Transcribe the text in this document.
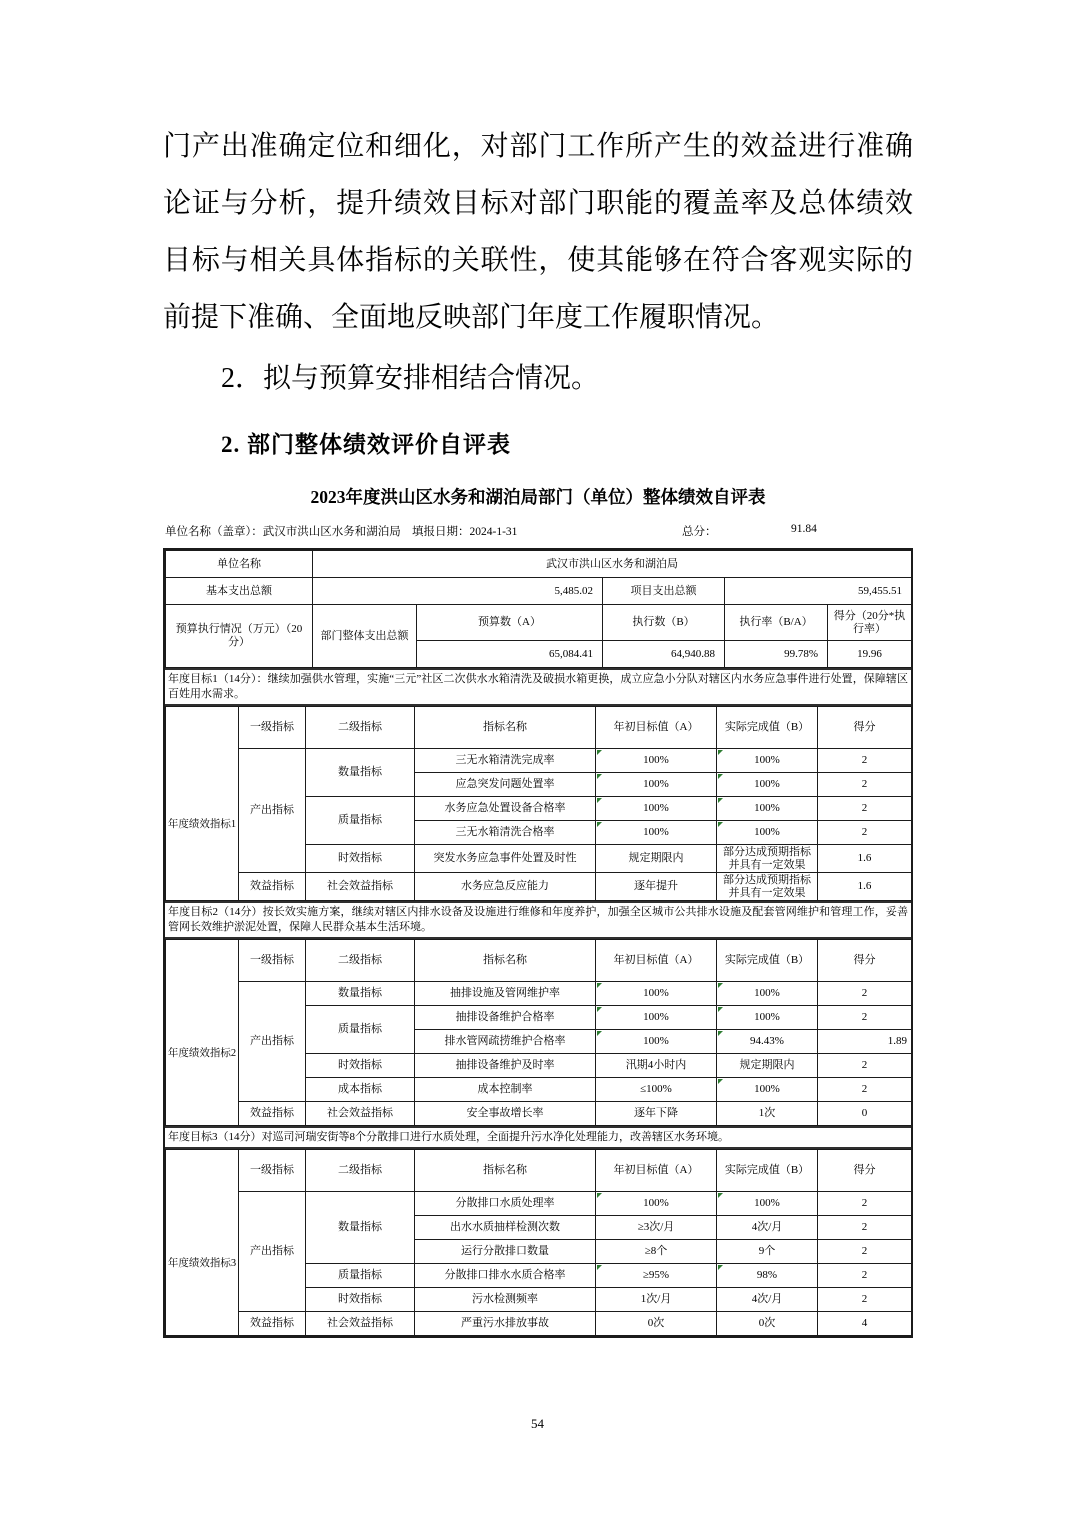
门产出准确定位和细化，对部门工作所产生的效益进行准确论证与分析，提升绩效目标对部门职能的覆盖率及总体绩效目标与相关具体指标的关联性，使其能够在符合客观实际的前提下准确、全面地反映部门年度工作履职情况。

2．拟与预算安排相结合情况。

2. 部门整体绩效评价自评表
2023年度洪山区水务和湖泊局部门（单位）整体绩效自评表
单位名称（盖章）：武汉市洪山区水务和湖泊局 填报日期：2024-1-31	总分：	91.84
单位名称	武汉市洪山区水务和湖泊局				
基本支出总额	5,485.02		项目支出总额	59,455.51	
预算执行情况（万元）（20分）	部门整体支出总额	预算数（A）	执行数（B）	执行率（B/A）	得分（20分*执行率）
		65,084.41	64,940.88	99.78%	19.96
年度目标1（14分）：继续加强供水管理，实施“三元”社区二次供水水箱清洗及破损水箱更换，成立应急小分队对辖区内水务应急事件进行处置，保障辖区百姓用水需求。
	一级指标	二级指标	指标名称	年初目标值（A）	实际完成值（B）	得分
年度绩效指标1	产出指标	数量指标	三无水箱清洗完成率	100%	100%	2
			应急突发问题处置率	100%	100%	2
		质量指标	水务应急处置设备合格率	100%	100%	2
			三无水箱清洗合格率	100%	100%	2
		时效指标	突发水务应急事件处置及时性	规定期限内	部分达成预期指标并具有一定效果	1.6
	效益指标	社会效益指标	水务应急反应能力	逐年提升	部分达成预期指标并具有一定效果	1.6
年度目标2（14分）按长效实施方案，继续对辖区内排水设备及设施进行维修和年度养护，加强全区城市公共排水设施及配套管网维护和管理工作，妥善管网长效维护淤泥处置，保障人民群众基本生活环境。
	一级指标	二级指标	指标名称	年初目标值（A）	实际完成值（B）	得分
年度绩效指标2	产出指标	数量指标	抽排设施及管网维护率	100%	100%	2
		质量指标	抽排设备维护合格率	100%	100%	2
			排水管网疏捞维护合格率	100%	94.43%	1.89
		时效指标	抽排设备维护及时率	汛期4小时内	规定期限内	2
		成本指标	成本控制率	≤100%	100%	2
	效益指标	社会效益指标	安全事故增长率	逐年下降	1次	0
年度目标3（14分）对巡司河瑞安街等8个分散排口进行水质处理，全面提升污水净化处理能力，改善辖区水务环境。
	一级指标	二级指标	指标名称	年初目标值（A）	实际完成值（B）	得分
年度绩效指标3	产出指标	数量指标	分散排口水质处理率	100%	100%	2
			出水水质抽样检测次数	≥3次/月	4次/月	2
			运行分散排口数量	≥8个	9个	2
		质量指标	分散排口排水水质合格率	≥95%	98%	2
		时效指标	污水检测频率	1次/月	4次/月	2
	效益指标	社会效益指标	严重污水排放事故	0次	0次	4
54
